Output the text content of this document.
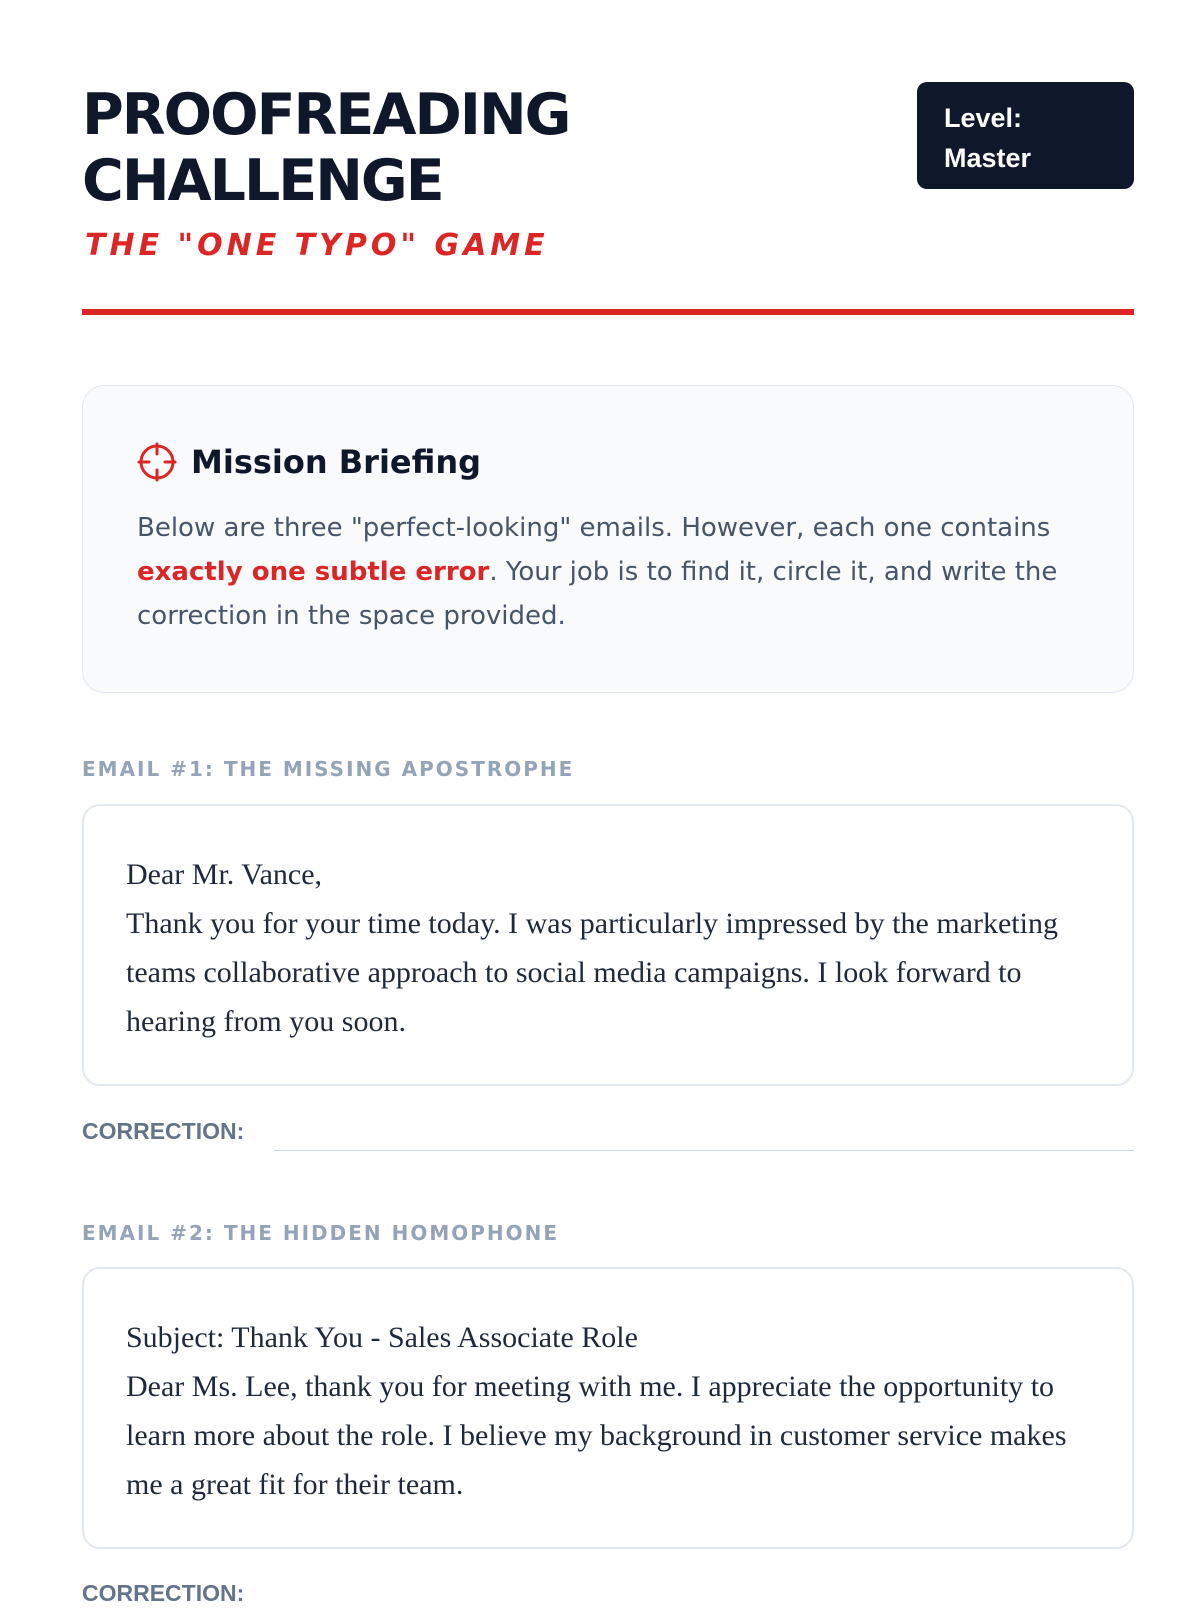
PROOFREADING
CHALLENGE
THE "ONE TYPO" GAME
Level:
Master
Mission Briefing
Below are three "perfect-looking" emails. However, each one contains exactly one subtle error. Your job is to find it, circle it, and write the correction in the space provided.
EMAIL #1: THE MISSING APOSTROPHE

Dear Mr. Vance,

Thank you for your time today. I was particularly impressed by the marketing teams collaborative approach to social media campaigns. I look forward to hearing from you soon.

CORRECTION:
EMAIL #2: THE HIDDEN HOMOPHONE

Subject: Thank You - Sales Associate Role

Dear Ms. Lee, thank you for meeting with me. I appreciate the opportunity to learn more about the role. I believe my background in customer service makes me a great fit for their team.

CORRECTION:
